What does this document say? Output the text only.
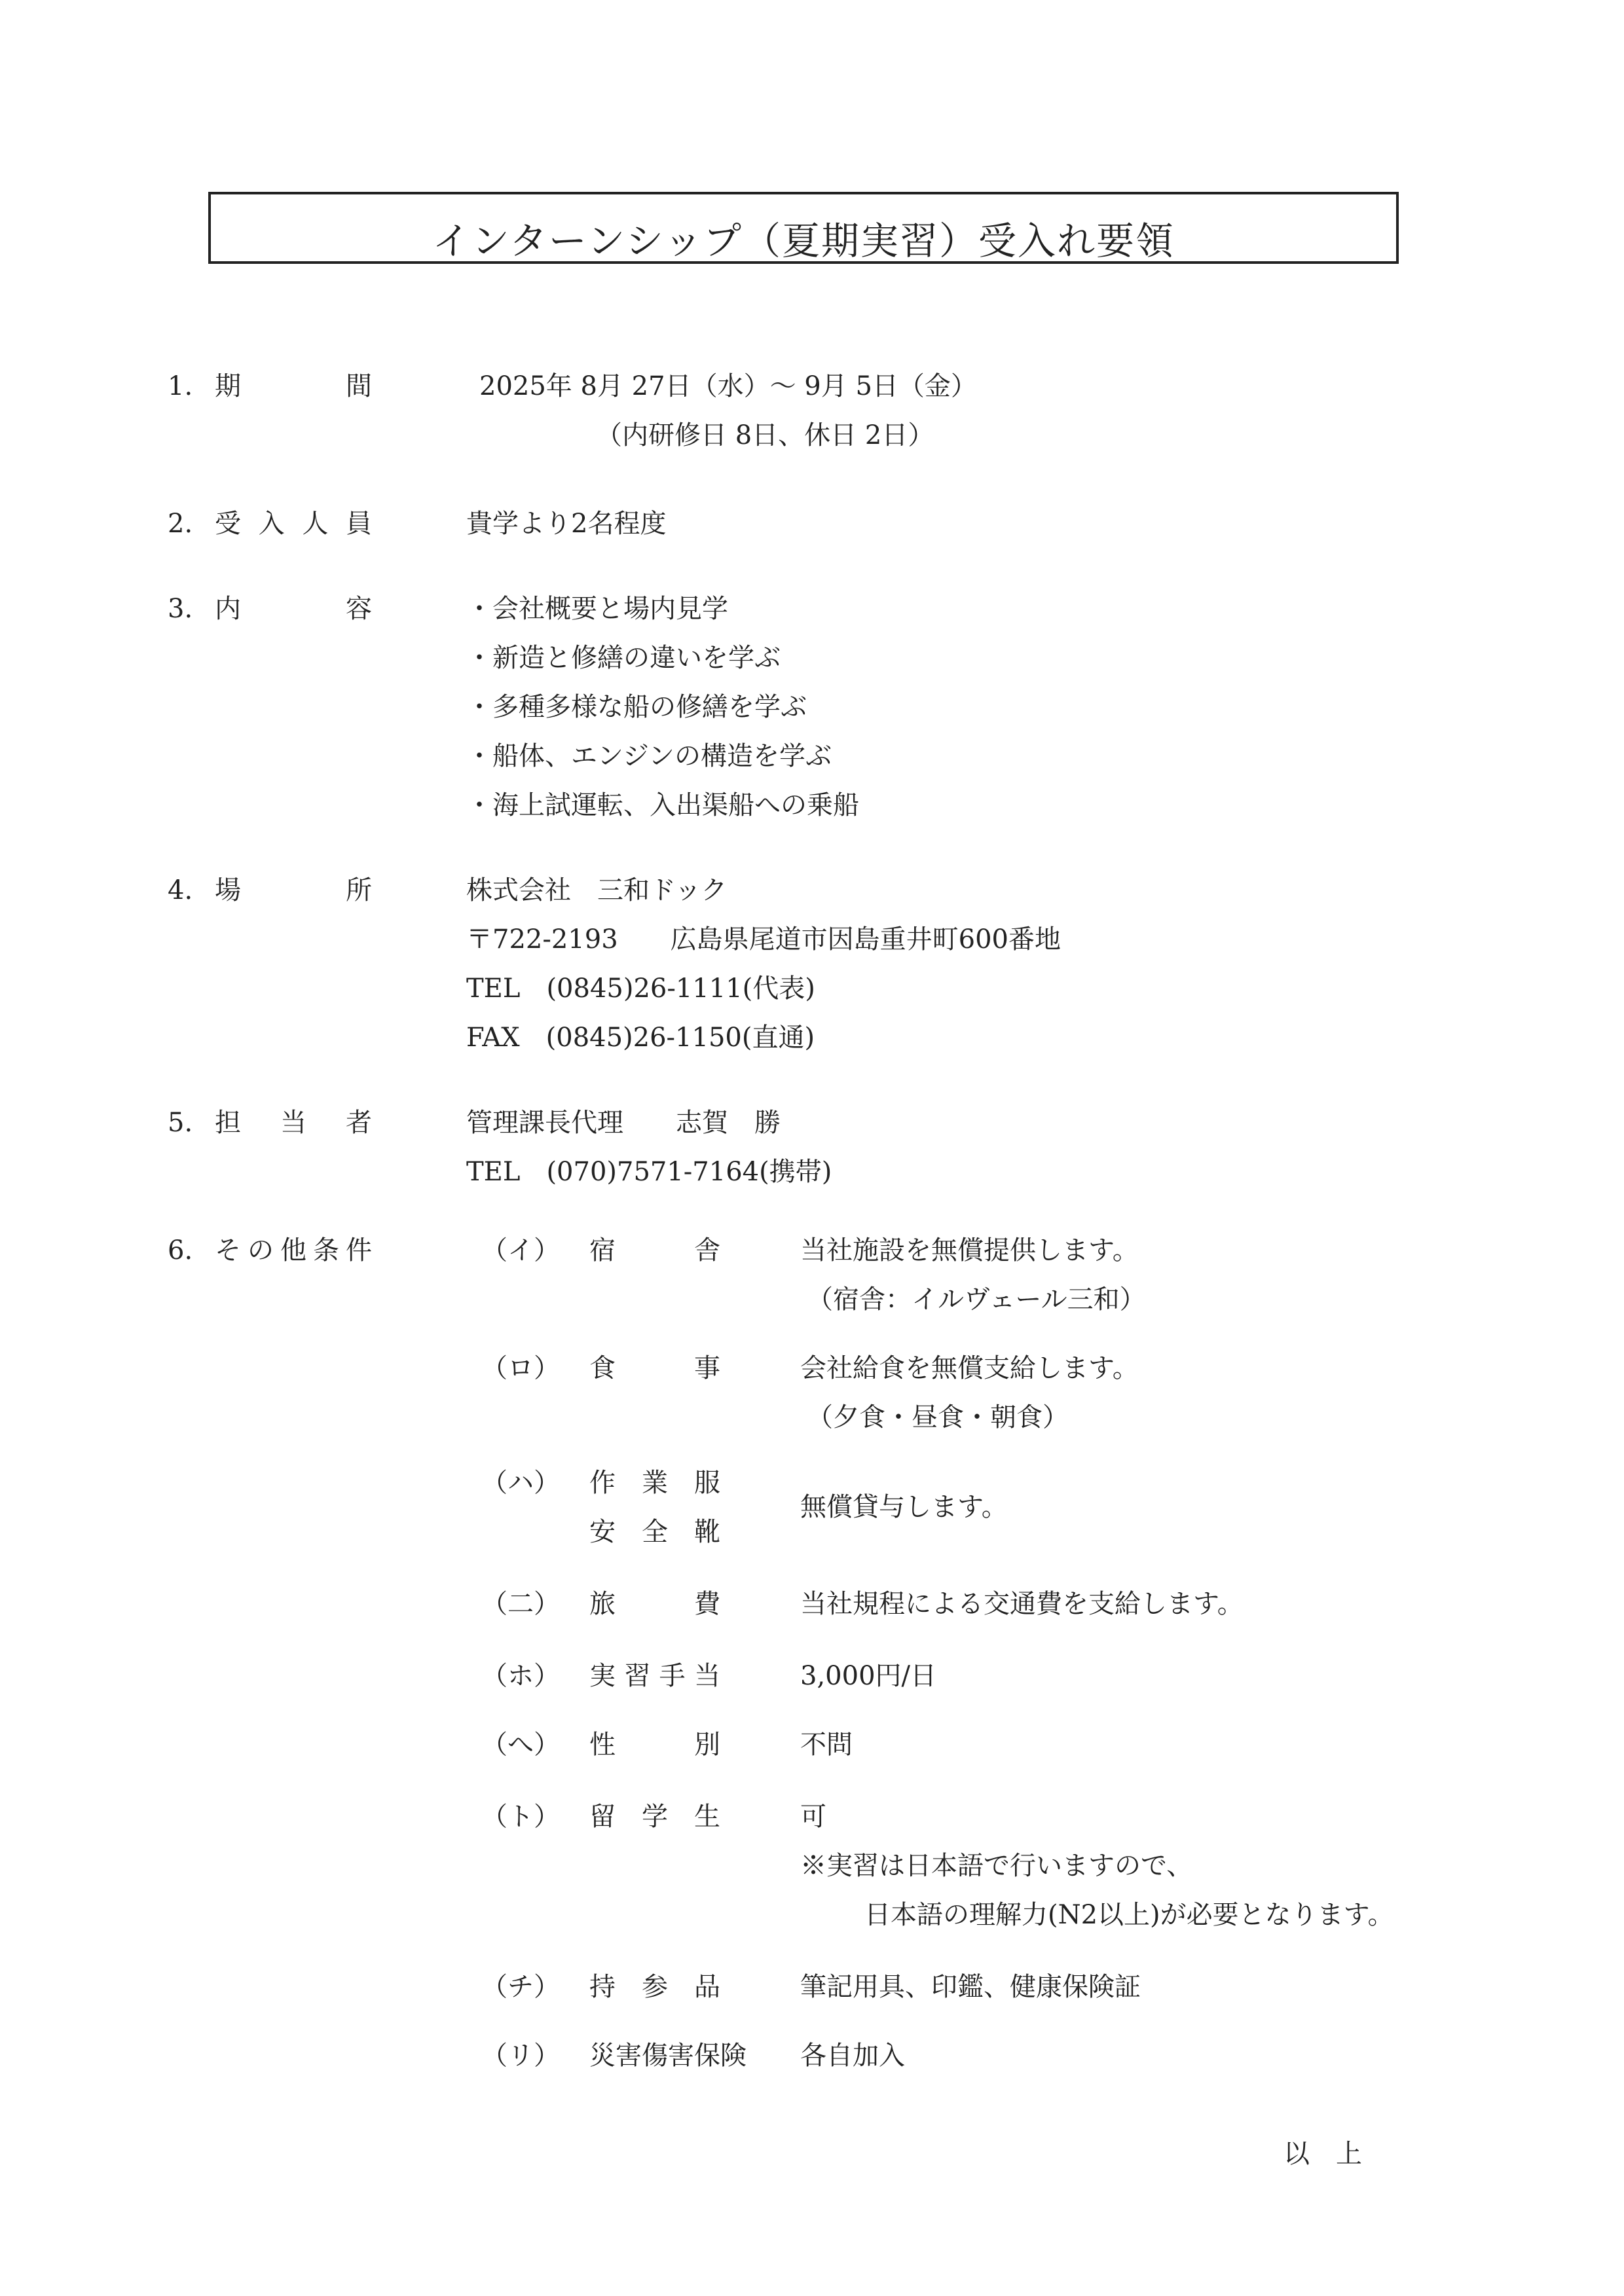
インターンシップ（夏期実習）受入れ要領
1. 期	間	2025年 8月 27日（水）～ 9月 5日（金）
（内研修日 8日、休日 2日）
2. 受 入 人 員	貴学より2名程度
3. 内	容	・会社概要と場内見学
・新造と修繕の違いを学ぶ
・多種多様な船の修繕を学ぶ
・船体、エンジンの構造を学ぶ
・海上試運転、入出渠船への乗船
4. 場	所	株式会社　三和ドック
〒722-2193　　広島県尾道市因島重井町600番地
TEL　(0845)26-1111(代表)
FAX　(0845)26-1150(直通)
5. 担 当 者	管理課長代理　　志賀　勝
TEL　(070)7571-7164(携帯)
6. そ の 他 条 件	（イ） 宿	舎	当社施設を無償提供します。
（宿舎：イルヴェール三和）
（ロ） 食	事	会社給食を無償支給します。
（夕食・昼食・朝食）
（ハ） 作　業　服
安　全　靴
無償貸与します。
（二） 旅	費	当社規程による交通費を支給します。
（ホ） 実 習 手 当	3,000円/日
（へ） 性	別	不問
（ト） 留 学 生	可
※実習は日本語で行いますので、
日本語の理解力(N2以上)が必要となります。
（チ） 持 参 品	筆記用具、印鑑、健康保険証
（リ） 災害傷害保険	各自加入
以　上
